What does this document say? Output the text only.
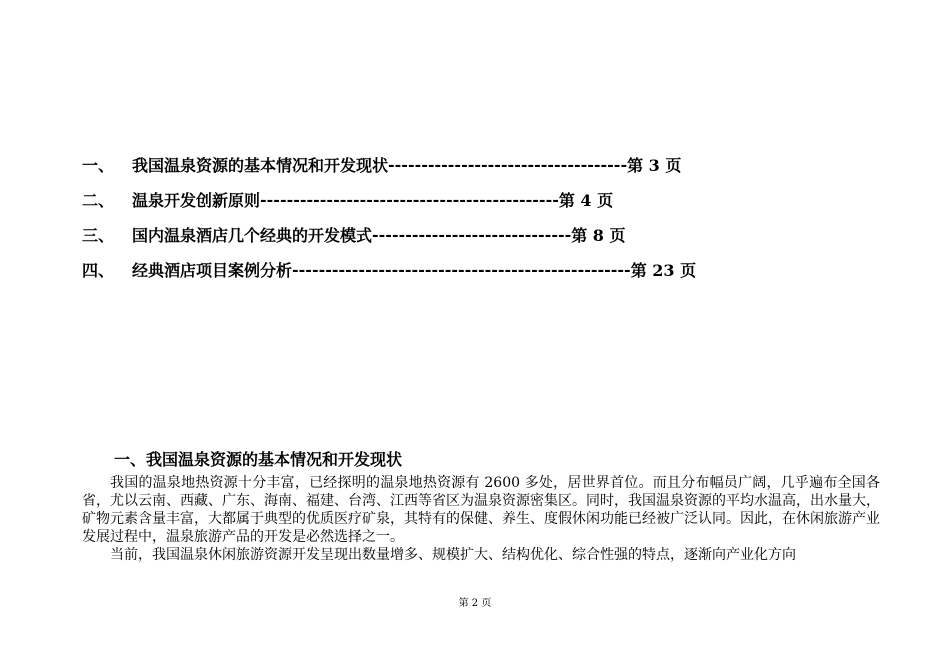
一、	我国温泉资源的基本情况和开发现状 ------------------------------------ 第 3 页
二、	温泉开发创新原则 --------------------------------------------- 第 4 页
三、	国内温泉酒店几个经典的开发模式 ------------------------------ 第 8 页
四、	经典酒店项目案例分析 --------------------------------------------------- 第 23 页
一、我国温泉资源的基本情况和开发现状

我国的温泉地热资源十分丰富，已经探明的温泉地热资源有 2600 多处，居世界首位。而且分布幅员广阔，几乎遍布全国各省，尤以云南、西藏、广东、海南、福建、台湾、江西等省区为温泉资源密集区。同时，我国温泉资源的平均水温高，出水量大，矿物元素含量丰富，大都属于典型的优质医疗矿泉，其特有的保健、养生、度假休闲功能已经被广泛认同。因此，在休闲旅游产业发展过程中，温泉旅游产品的开发是必然选择之一。

当前，我国温泉休闲旅游资源开发呈现出数量增多、规模扩大、结构优化、综合性强的特点，逐渐向产业化方向

第 2 页
